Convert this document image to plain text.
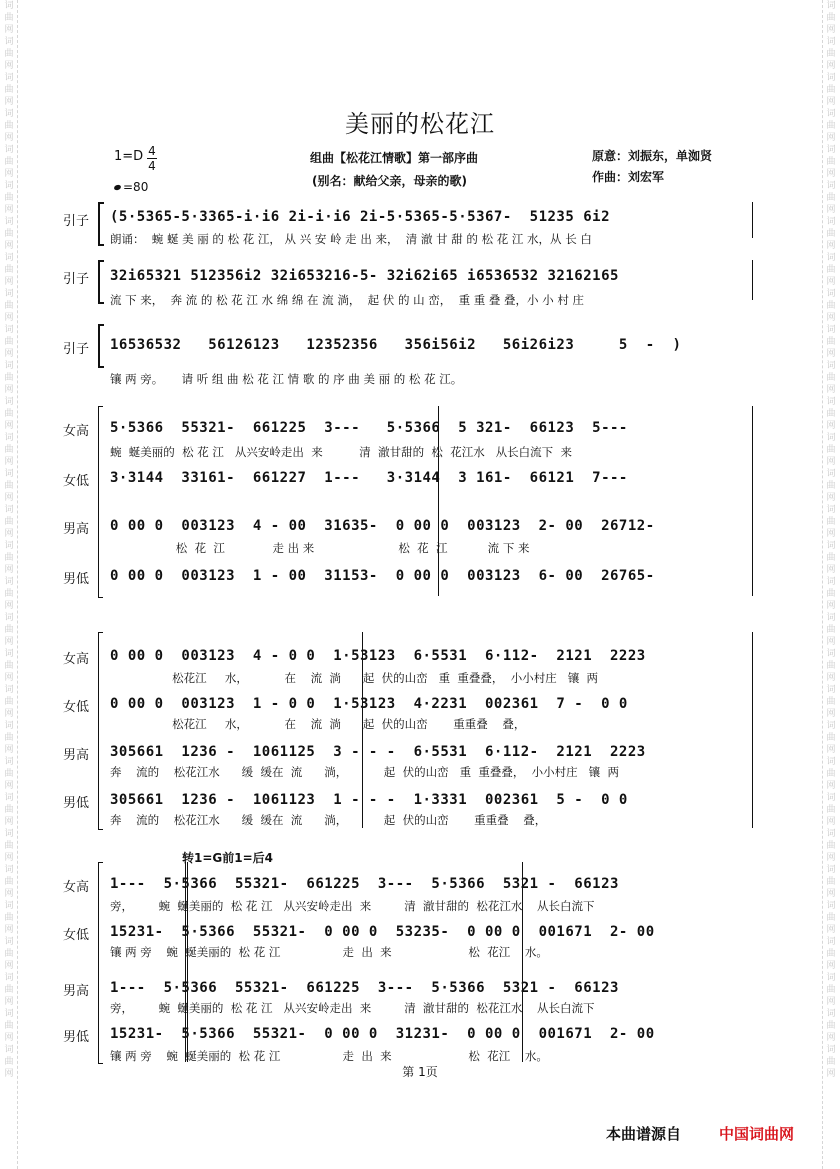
词曲网词曲网词曲网词曲网词曲网词曲网词曲网词曲网词曲网词曲网词曲网词曲网词曲网词曲网词曲网词曲网词曲网词曲网词曲网词曲网词曲网词曲网词曲网词曲网词曲网词曲网词曲网词曲网词曲网词曲网
词曲网词曲网词曲网词曲网词曲网词曲网词曲网词曲网词曲网词曲网词曲网词曲网词曲网词曲网词曲网词曲网词曲网词曲网词曲网词曲网词曲网词曲网词曲网词曲网词曲网词曲网词曲网词曲网词曲网词曲网
美丽的松花江
组曲【松花江情歌】第一部序曲
(别名：献给父亲，母亲的歌)
原意：刘振东，单洳贤
作曲：刘宏军
1=D 4
4
=80
引子	(5·5365-5·3365-i·i6 2i-i·i6 2i-5·5365-5·5367-  51235 6i2
朗诵：  蜿 蜒 美 丽 的 松 花 江， 从 兴 安 岭 走 出 来，  清 澈 甘 甜 的 松 花 江 水，从 长 白
引子	32i65321 512356i2 32i653216-5- 32i62i65 i6536532 32162165
流 下 来，  奔 流 的 松 花 江 水 绵 绵 在 流 淌，  起 伏 的 山 峦，  重 重 叠 叠，小 小 村 庄
引子	16536532   56126123   12352356   356i56i2   56i26i23     5  -  )
镶 两 旁。     请 听 组 曲 松 花 江 情 歌 的 序 曲 美 丽 的 松 花 江。
女高	5·5366  55321-  661225  3---   5·5366  5 321-  66123  5---
蜿  蜒美丽的  松 花 江   从兴安岭走出  来          清  澈甘甜的  松  花江水   从长白流下  来
女低	3·3144  33161-  661227  1---   3·3144  3 161-  66121  7---
男高	0 00 0  003123  4 - 00  31635-  0 00 0  003123  2- 00  26712-
松  花  江             走 出 来                       松  花  江           流 下 来
男低	0 00 0  003123  1 - 00  31153-  0 00 0  003123  6- 00  26765-
女高	0 00 0  003123  4 - 0 0  1·53123  6·5531  6·112-  2121  2223
松花江     水，          在    流  淌      起  伏的山峦   重  重叠叠，  小小村庄   镶  两
女低	0 00 0  003123  1 - 0 0  1·53123  4·2231  002361  7 -  0 0
松花江     水，          在    流  淌      起  伏的山峦       重重叠    叠，
男高	305661  1236 -  1061125  3 - - -  6·5531  6·112-  2121  2223
奔    流的    松花江水      缓  缓在  流      淌，          起  伏的山峦   重  重叠叠，  小小村庄   镶  两
男低	305661  1236 -  1061123  1 - - -  1·3331  002361  5 -  0 0
奔    流的    松花江水      缓  缓在  流      淌，          起  伏的山峦       重重叠    叠，
转1=G前1=后4
女高	1---  5·5366  55321-  661225  3---  5·5366  5321 -  66123
旁，       蜿  蜒美丽的  松 花 江   从兴安岭走出  来         清  澈甘甜的  松花江水    从长白流下
女低	15231-  5·5366  55321-  0 00 0  53235-  0 00 0  001671  2- 00
镶 两 旁    蜿  蜒美丽的  松 花 江                 走  出  来                     松  花江    水。
男高	1---  5·5366  55321-  661225  3---  5·5366  5321 -  66123
旁，       蜿  蜒美丽的  松 花 江   从兴安岭走出  来         清  澈甘甜的  松花江水    从长白流下
男低	15231-  5·5366  55321-  0 00 0  31231-  0 00 0  001671  2- 00
镶 两 旁    蜿  蜒美丽的  松 花 江                 走  出  来                     松  花江    水。
第 1页
本曲谱源自	中国词曲网
